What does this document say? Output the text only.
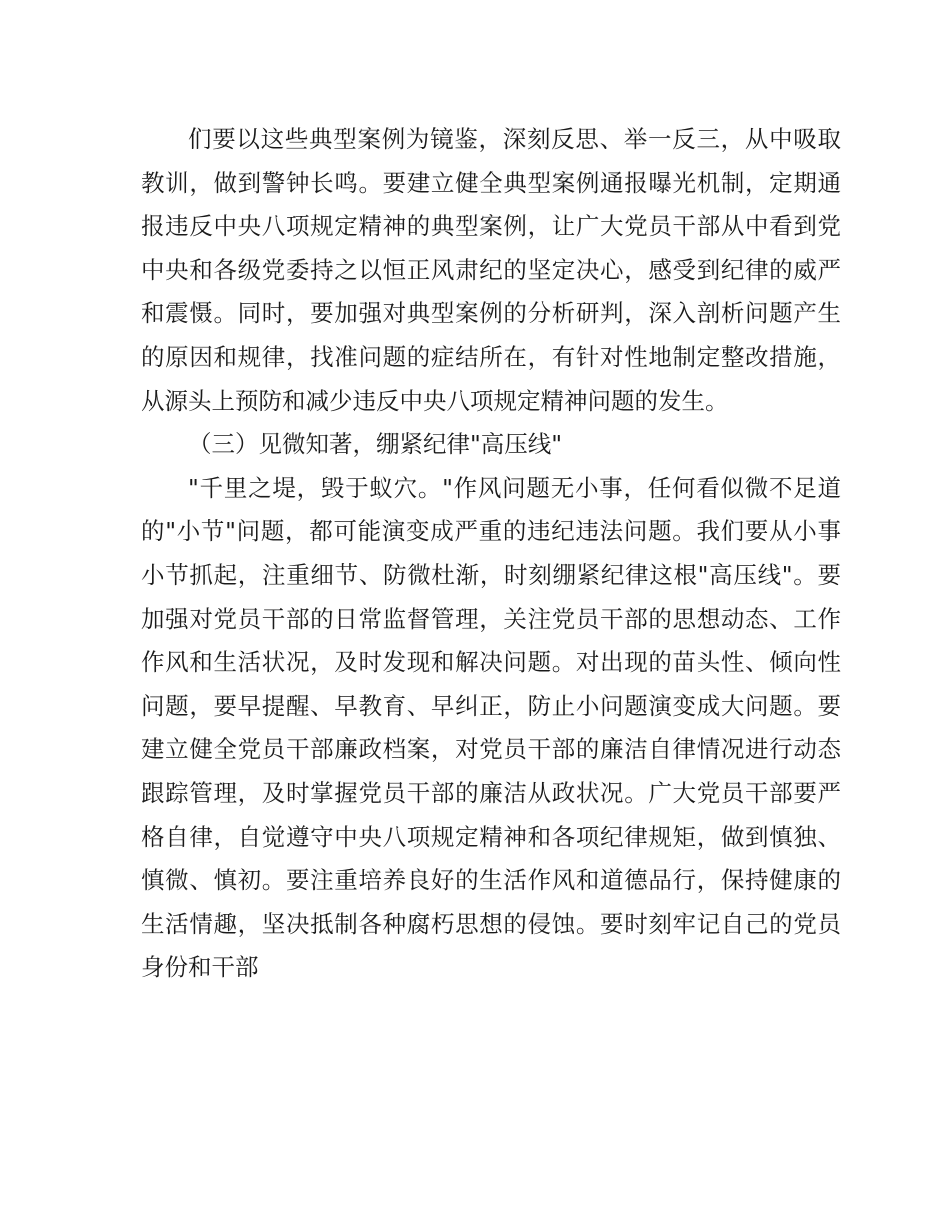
们要以这些典型案例为镜鉴，深刻反思、举一反三，从中吸取教训，做到警钟长鸣。要建立健全典型案例通报曝光机制，定期通报违反中央八项规定精神的典型案例，让广大党员干部从中看到党中央和各级党委持之以恒正风肃纪的坚定决心，感受到纪律的威严和震慑。同时，要加强对典型案例的分析研判，深入剖析问题产生的原因和规律，找准问题的症结所在，有针对性地制定整改措施，从源头上预防和减少违反中央八项规定精神问题的发生。

（三）见微知著，绷紧纪律"高压线"

"千里之堤，毁于蚁穴。"作风问题无小事，任何看似微不足道的"小节"问题，都可能演变成严重的违纪违法问题。我们要从小事小节抓起，注重细节、防微杜渐，时刻绷紧纪律这根"高压线"。要加强对党员干部的日常监督管理，关注党员干部的思想动态、工作作风和生活状况，及时发现和解决问题。对出现的苗头性、倾向性问题，要早提醒、早教育、早纠正，防止小问题演变成大问题。要建立健全党员干部廉政档案，对党员干部的廉洁自律情况进行动态跟踪管理，及时掌握党员干部的廉洁从政状况。广大党员干部要严格自律，自觉遵守中央八项规定精神和各项纪律规矩，做到慎独、慎微、慎初。要注重培养良好的生活作风和道德品行，保持健康的生活情趣，坚决抵制各种腐朽思想的侵蚀。要时刻牢记自己的党员身份和干部
